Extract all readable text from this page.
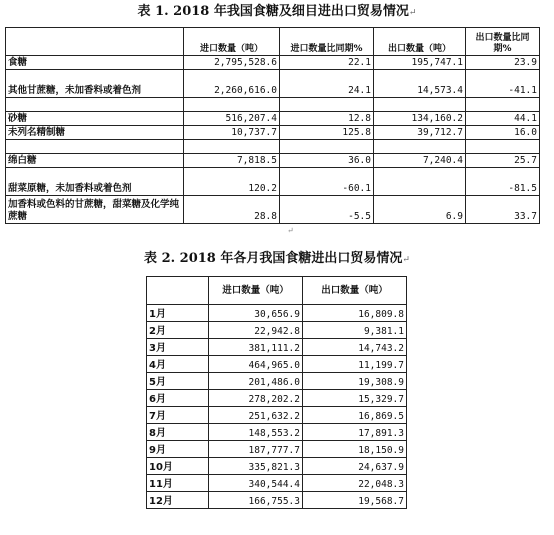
表 1. 2018 年我国食糖及细目进出口贸易情况↵
	进口数量（吨）	进口数量比同期%	出口数量（吨）	出口数量比同期%
食糖	2,795,528.6	22.1	195,747.1	23.9
其他甘蔗糖，未加香料或着色剂	2,260,616.0	24.1	14,573.4	-41.1

砂糖	516,207.4	12.8	134,160.2	44.1
未列名精制糖	10,737.7	125.8	39,712.7	16.0

绵白糖	7,818.5	36.0	7,240.4	25.7
甜菜原糖，未加香料或着色剂	120.2	-60.1		-81.5
加香料或色料的甘蔗糖，甜菜糖及化学纯蔗糖	28.8	-5.5	6.9	33.7
↵
表 2. 2018 年各月我国食糖进出口贸易情况↵
	进口数量（吨）	出口数量（吨）
1月	30,656.9	16,809.8
2月	22,942.8	9,381.1
3月	381,111.2	14,743.2
4月	464,965.0	11,199.7
5月	201,486.0	19,308.9
6月	278,202.2	15,329.7
7月	251,632.2	16,869.5
8月	148,553.2	17,891.3
9月	187,777.7	18,150.9
10月	335,821.3	24,637.9
11月	340,544.4	22,048.3
12月	166,755.3	19,568.7
